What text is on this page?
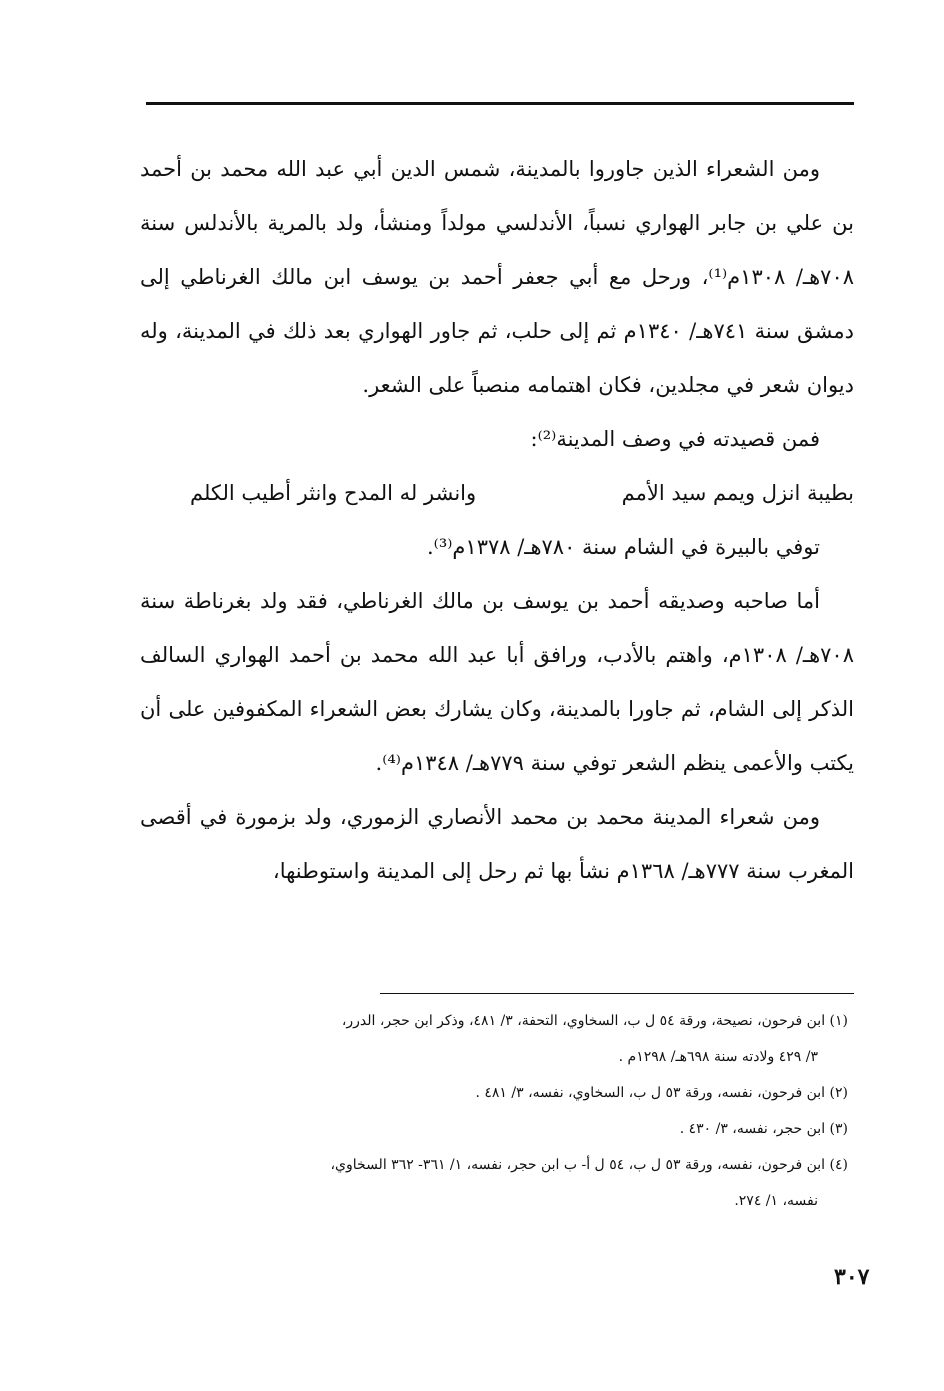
ومن الشعراء الذين جاوروا بالمدينة، شمس الدين أبي عبد الله محمد بن أحمد بن علي بن جابر الهواري نسباً، الأندلسي مولداً ومنشأ، ولد بالمرية بالأندلس سنة ٧٠٨هـ/ ١٣٠٨م⁽¹⁾، ورحل مع أبي جعفر أحمد بن يوسف ابن مالك الغرناطي إلى دمشق سنة ٧٤١هـ/ ١٣٤٠م ثم إلى حلب، ثم جاور الهواري بعد ذلك في المدينة، وله ديوان شعر في مجلدين، فكان اهتمامه منصباً على الشعر.

فمن قصيدته في وصف المدينة⁽²⁾:

بطيبة انزل ويمم سيد الأمم
وانشر له المدح وانثر أطيب الكلم

توفي بالبيرة في الشام سنة ٧٨٠هـ/ ١٣٧٨م⁽³⁾.

أما صاحبه وصديقه أحمد بن يوسف بن مالك الغرناطي، فقد ولد بغرناطة سنة ٧٠٨هـ/ ١٣٠٨م، واهتم بالأدب، ورافق أبا عبد الله محمد بن أحمد الهواري السالف الذكر إلى الشام، ثم جاورا بالمدينة، وكان يشارك بعض الشعراء المكفوفين على أن يكتب والأعمى ينظم الشعر توفي سنة ٧٧٩هـ/ ١٣٤٨م⁽⁴⁾.

ومن شعراء المدينة محمد بن محمد الأنصاري الزموري، ولد بزمورة في أقصى المغرب سنة ٧٧٧هـ/ ١٣٦٨م نشأ بها ثم رحل إلى المدينة واستوطنها،

(١) ابن فرحون، نصيحة، ورقة ٥٤ ل ب، السخاوي، التحفة، ٣/ ٤٨١، وذكر ابن حجر، الدرر،

٣/ ٤٢٩ ولادته سنة ٦٩٨هـ/ ١٢٩٨م .

(٢) ابن فرحون، نفسه، ورقة ٥٣ ل ب، السخاوي، نفسه، ٣/ ٤٨١ .

(٣) ابن حجر، نفسه، ٣/ ٤٣٠ .

(٤) ابن فرحون، نفسه، ورقة ٥٣ ل ب، ٥٤ ل أ- ب ابن حجر، نفسه، ١/ ٣٦١- ٣٦٢ السخاوي،

نفسه، ١/ ٢٧٤.

٣٠٧
